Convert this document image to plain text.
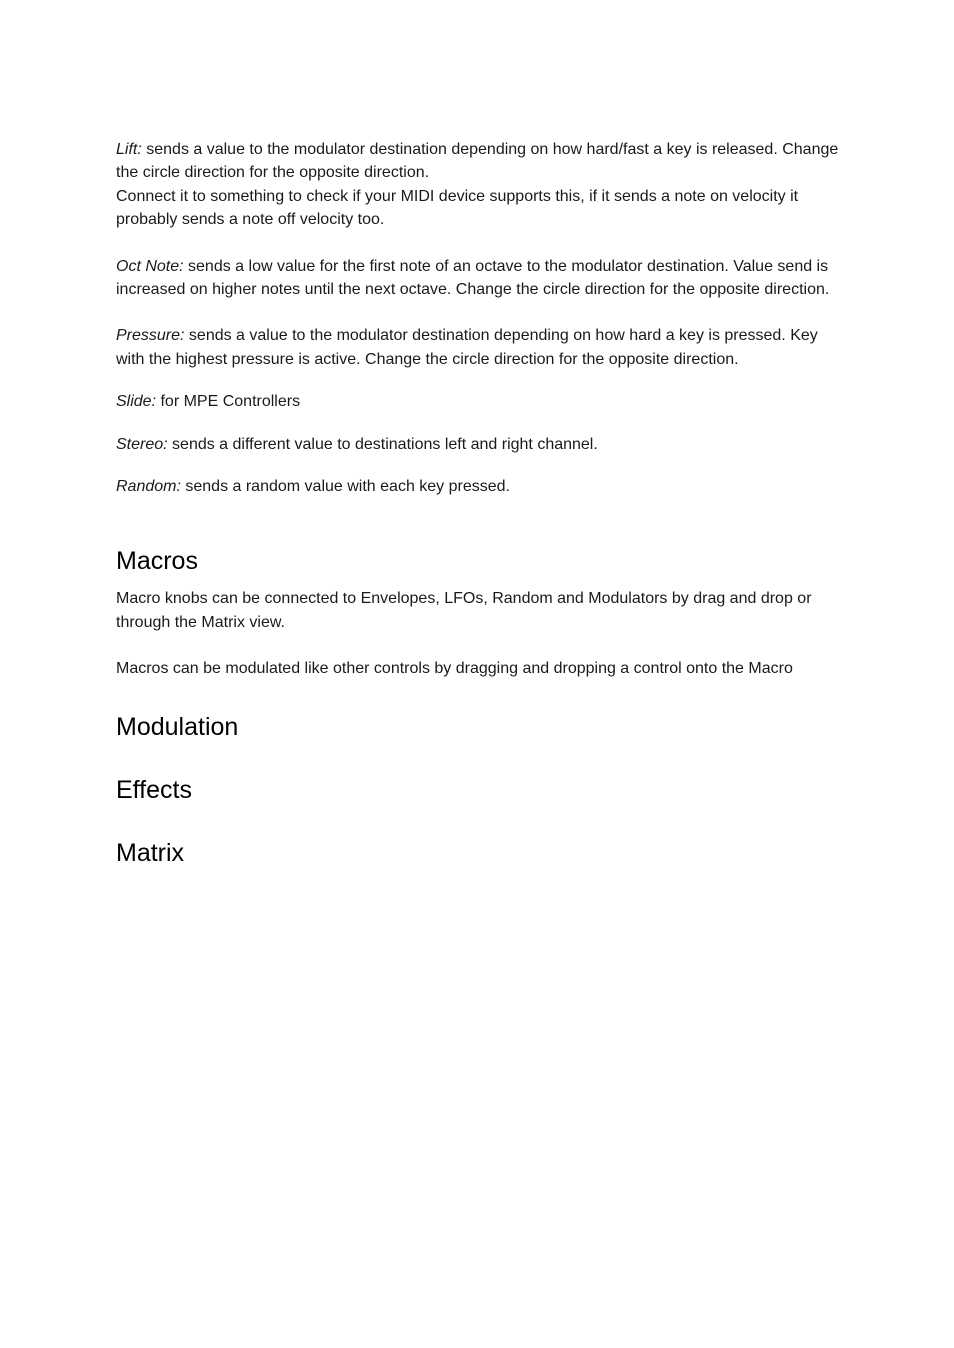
Lift: sends a value to the modulator destination depending on how hard/fast a key is released. Change the circle direction for the opposite direction.

Connect it to something to check if your MIDI device supports this, if it sends a note on velocity it probably sends a note off velocity too.

Oct Note: sends a low value for the first note of an octave to the modulator destination. Value send is increased on higher notes until the next octave. Change the circle direction for the opposite direction.

Pressure: sends a value to the modulator destination depending on how hard a key is pressed. Key with the highest pressure is active. Change the circle direction for the opposite direction.

Slide: for MPE Controllers

Stereo: sends a different value to destinations left and right channel.

Random: sends a random value with each key pressed.

Macros

Macro knobs can be connected to Envelopes, LFOs, Random and Modulators by drag and drop or through the Matrix view.

Macros can be modulated like other controls by dragging and dropping a control onto the Macro

Modulation
Effects
Matrix
